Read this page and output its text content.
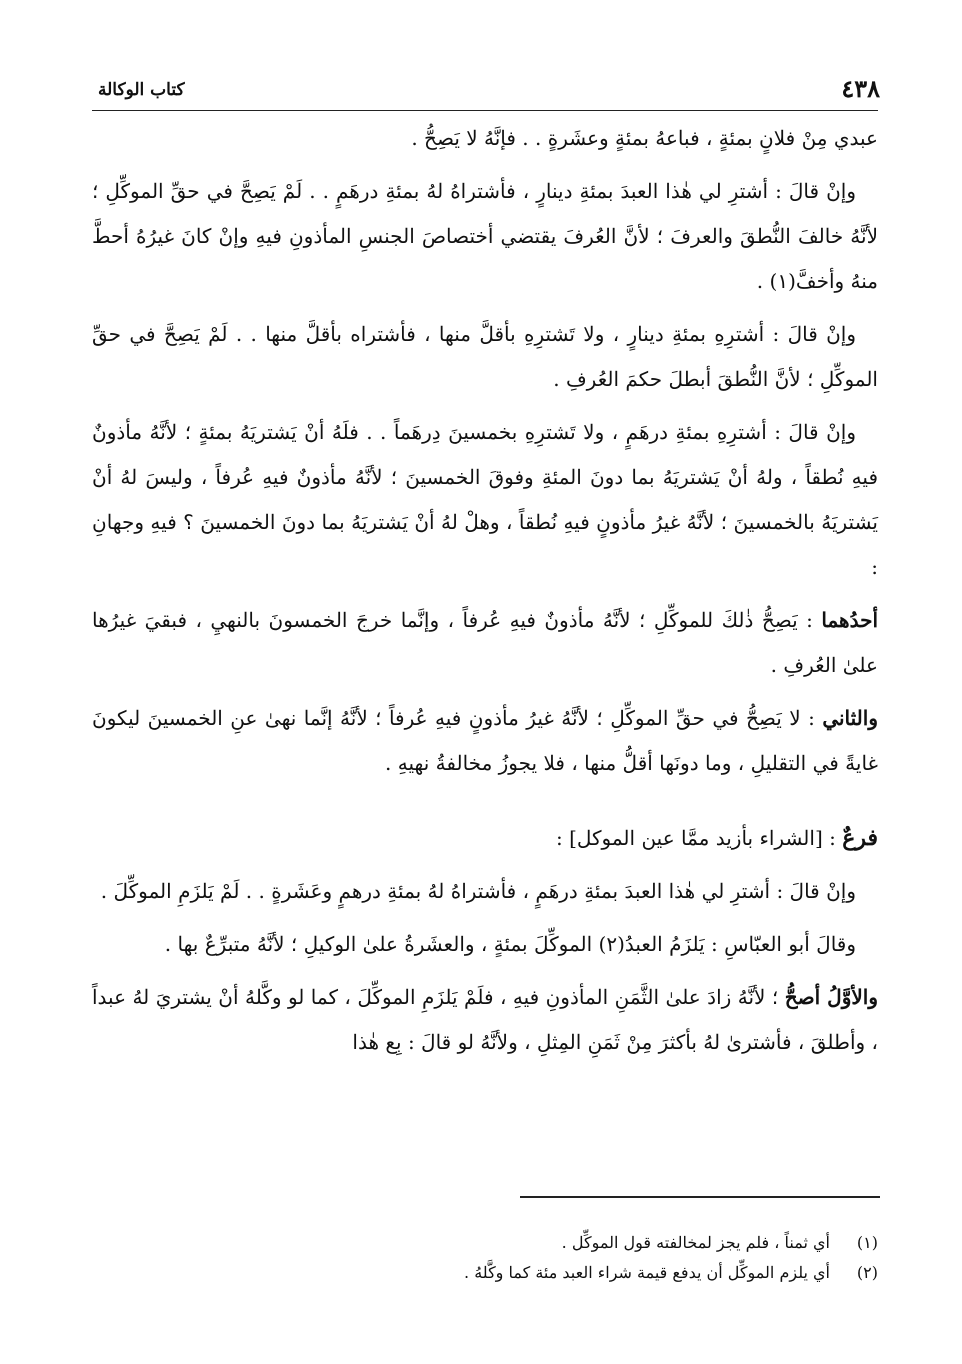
٤٣٨
كتاب الوكالة

عبدي مِنْ فلانٍ بمئةٍ ، فباعهُ بمئةٍ وعشَرةٍ . . فإنَّهُ لا يَصِحُّ .

وإنْ قالَ : أشترِ لي هٰذا العبدَ بمئةِ دينارٍ ، فأشتراهُ لهُ بمئةِ درهَمٍ . . لَمْ يَصِحَّ في حقِّ الموكِّلِ ؛ لأنَّهُ خالفَ النُّطقَ والعرفَ ؛ لأنَّ العُرفَ يقتضي أختصاصَ الجنسِ المأذونِ فيهِ وإنْ كانَ غيرُهُ أحطَّ منهُ وأخفَّ(١) .

وإنْ قالَ : أشترِهِ بمئةِ دينارٍ ، ولا تَشترِهِ بأقلَّ منها ، فأشتراه بأقلَّ منها . . لَمْ يَصِحَّ في حقِّ الموكِّلِ ؛ لأنَّ النُّطقَ أبطلَ حكمَ العُرفِ .

وإنْ قالَ : أشترِهِ بمئةِ درهَمٍ ، ولا تَشترِهِ بخمسينَ دِرهَماً . . فلَهُ أنْ يَشتريَهُ بمئةٍ ؛ لأنَّهُ مأذونٌ فيهِ نُطقاً ، ولهُ أنْ يَشتريَهُ بما دونَ المئةِ وفوقَ الخمسينَ ؛ لأنَّهُ مأذونٌ فيهِ عُرفاً ، وليسَ لهُ أنْ يَشتريَهُ بالخمسينَ ؛ لأنَّهُ غيرُ مأذونٍ فيهِ نُطقاً ، وهلْ لهُ أنْ يَشتريَهُ بما دونَ الخمسينَ ؟ فيهِ وجهانِ :

أحدُهما : يَصِحُّ ذٰلكَ للموكِّلِ ؛ لأنَّهُ مأذونٌ فيهِ عُرفاً ، وإنَّما خرجَ الخمسونَ بالنهيِ ، فبقيَ غيرُها علىٰ العُرفِ .

والثاني : لا يَصِحُّ في حقِّ الموكِّلِ ؛ لأنَّهُ غيرُ مأذونٍ فيهِ عُرفاً ؛ لأنَّهُ إنَّما نهىٰ عنِ الخمسينَ ليكونَ غايةً في التقليلِ ، وما دونَها أقلُّ منها ، فلا يجوزُ مخالفةُ نهيهِ .

فرعٌ : [الشراء بأزيد ممَّا عين الموكل] :

وإنْ قالَ : أشترِ لي هٰذا العبدَ بمئةِ درهَمٍ ، فأشتراهُ لهُ بمئةِ درهمٍ وعَشَرةٍ . . لَمْ يَلزَمِ الموكِّلَ .

وقالَ أبو العبّاسِ : يَلزَمُ العبدُ(٢) الموكِّلَ بمئةٍ ، والعشَرةُ علىٰ الوكيلِ ؛ لأنَّهُ متبرِّعٌ بها .

والأوَّلُ أصحُّ ؛ لأنَّهُ زادَ علىٰ الثَّمَنِ المأذونِ فيهِ ، فلَمْ يَلزَمِ الموكِّلَ ، كما لو وكَّلهُ أنْ يشتريَ لهُ عبداً ، وأطلقَ ، فأشترىٰ لهُ بأكثرَ مِنْ ثَمَنِ المِثلِ ، ولأنَّهُ لو قالَ : بِع هٰذا

(١)أي ثمناً ، فلم يجز لمخالفته قول الموكِّل .
(٢)أي يلزم الموكِّل أن يدفع قيمة شراء العبد مئة كما وكَّلهُ .
